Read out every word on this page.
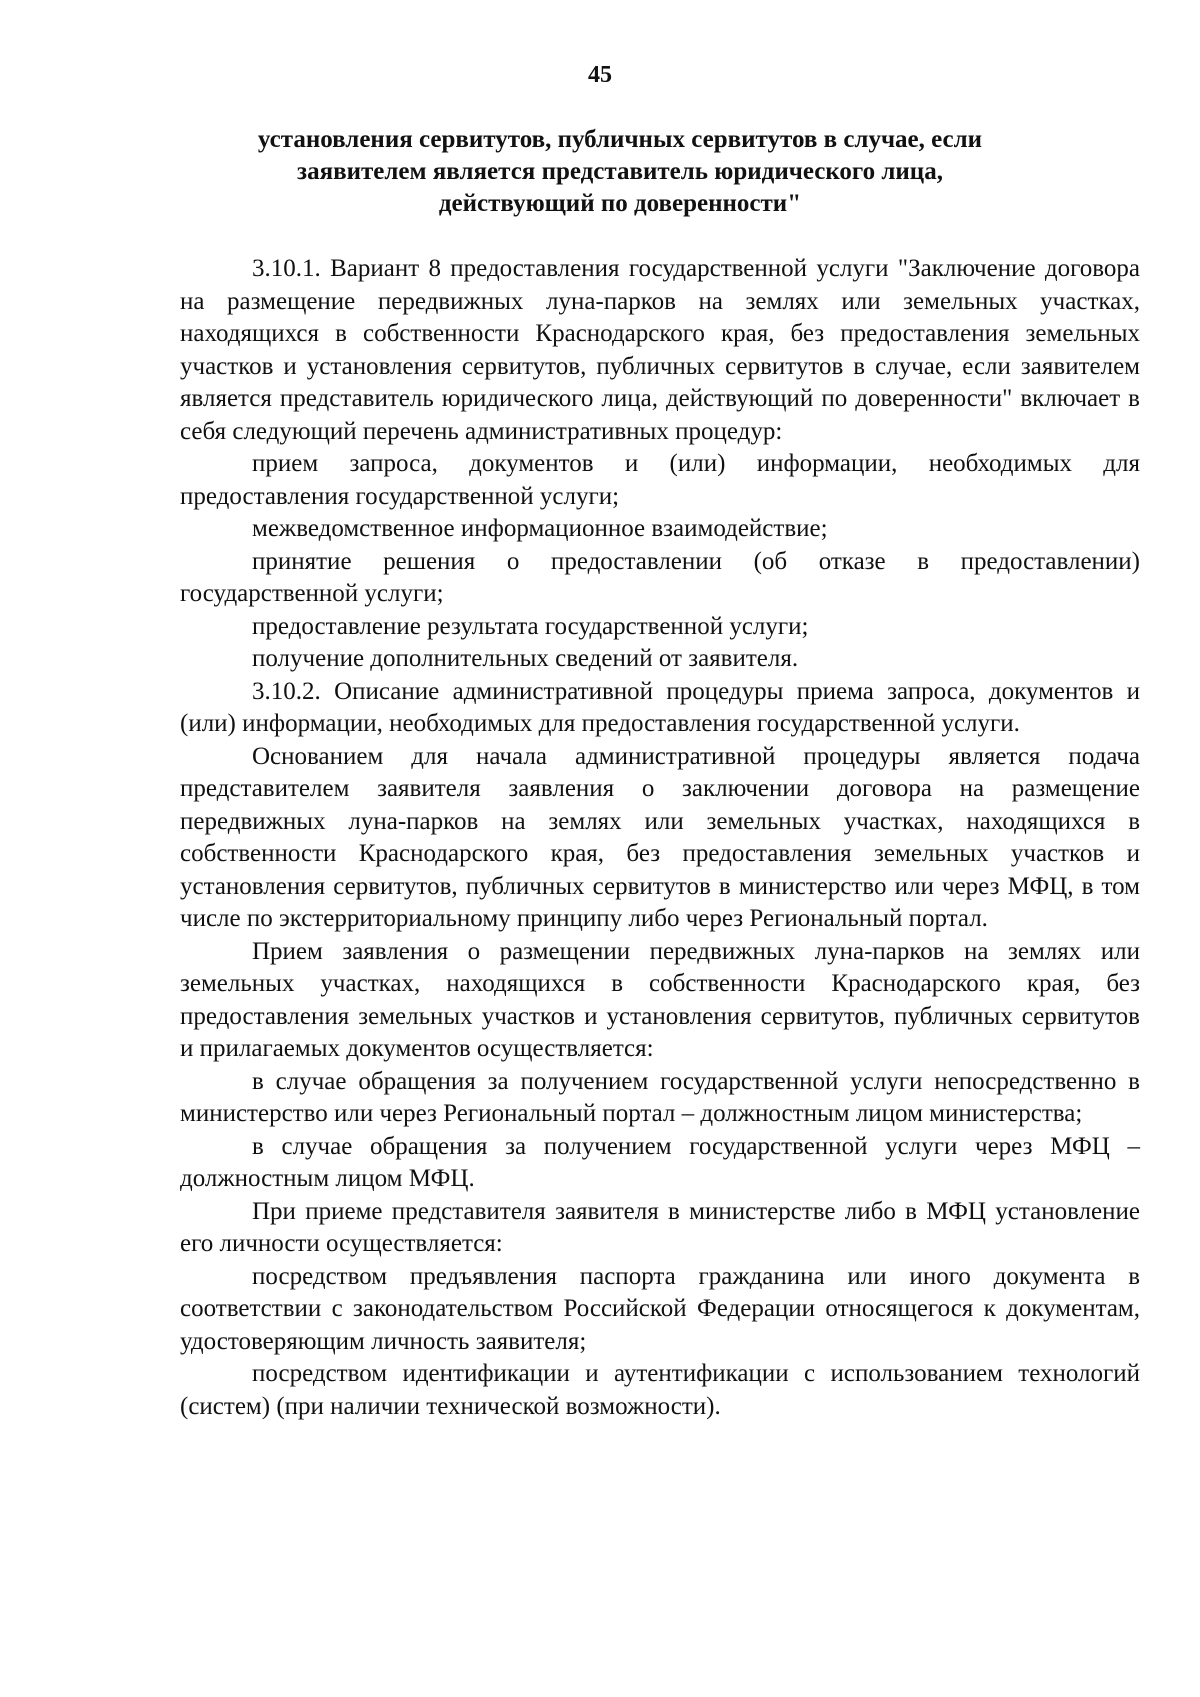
45
установления сервитутов, публичных сервитутов в случае, если
заявителем является представитель юридического лица,
действующий по доверенности"

3.10.1. Вариант 8 предоставления государственной услуги "Заключение договора на размещение передвижных луна-парков на землях или земельных участках, находящихся в собственности Краснодарского края, без предоставления земельных участков и установления сервитутов, публичных сервитутов в случае, если заявителем является представитель юридического лица, действующий по доверенности" включает в себя следующий перечень административных процедур:

прием запроса, документов и (или) информации, необходимых для предоставления государственной услуги;

межведомственное информационное взаимодействие;

принятие решения о предоставлении (об отказе в предоставлении) государственной услуги;

предоставление результата государственной услуги;

получение дополнительных сведений от заявителя.

3.10.2. Описание административной процедуры приема запроса, документов и (или) информации, необходимых для предоставления государственной услуги.

Основанием для начала административной процедуры является подача представителем заявителя заявления о заключении договора на размещение передвижных луна-парков на землях или земельных участках, находящихся в собственности Краснодарского края, без предоставления земельных участков и установления сервитутов, публичных сервитутов в министерство или через МФЦ, в том числе по экстерриториальному принципу либо через Региональный портал.

Прием заявления о размещении передвижных луна-парков на землях или земельных участках, находящихся в собственности Краснодарского края, без предоставления земельных участков и установления сервитутов, публичных сервитутов и прилагаемых документов осуществляется:

в случае обращения за получением государственной услуги непосредственно в министерство или через Региональный портал – должностным лицом министерства;

в случае обращения за получением государственной услуги через МФЦ – должностным лицом МФЦ.

При приеме представителя заявителя в министерстве либо в МФЦ установление его личности осуществляется:

посредством предъявления паспорта гражданина или иного документа в соответствии с законодательством Российской Федерации относящегося к документам, удостоверяющим личность заявителя;

посредством идентификации и аутентификации с использованием технологий (систем) (при наличии технической возможности).
